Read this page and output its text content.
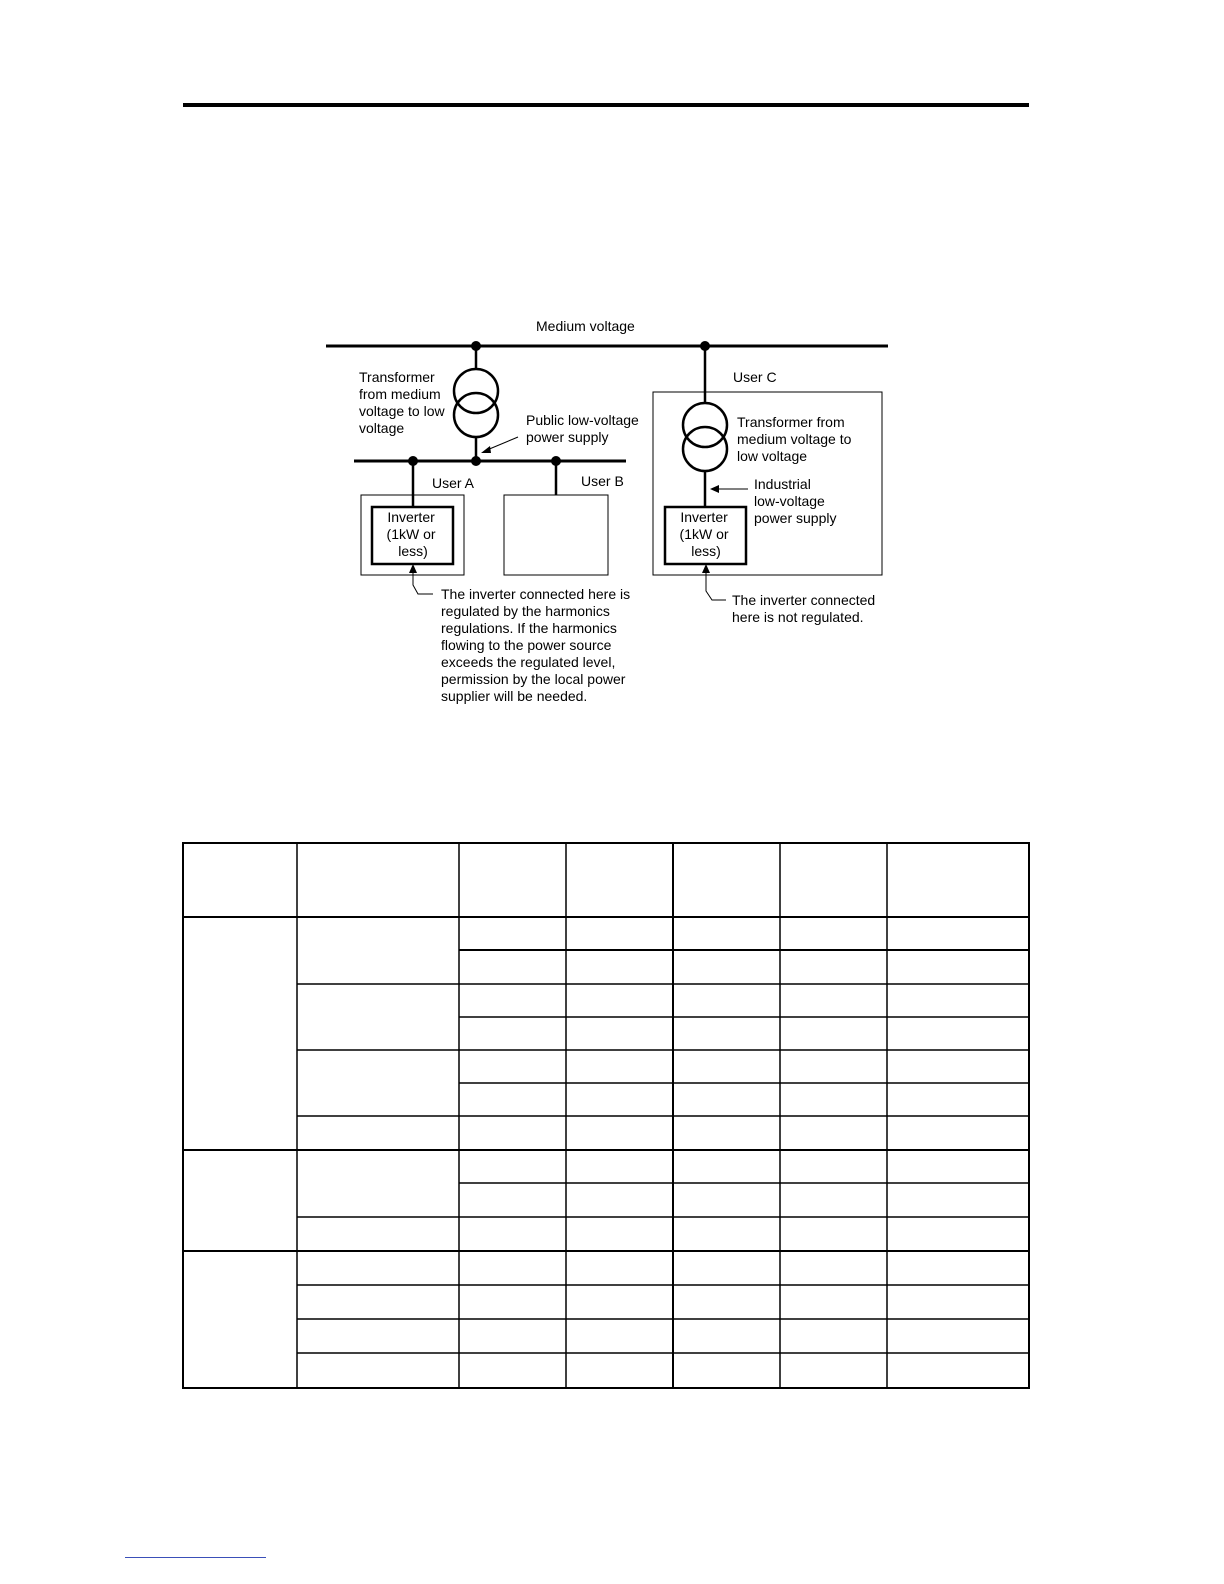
Medium voltage
Transformer from medium voltage to low voltage	Public low-voltage power supply
User A
Inverter (1kW or less)
User B
The inverter connected here is regulated by the harmonics regulations. If the harmonics flowing to the power source exceeds the regulated level, permission by the local power supplier will be needed.
User C
Transformer from medium voltage to low voltage
Industrial low-voltage power supply
Inverter (1kW or less)
The inverter connected here is not regulated.
